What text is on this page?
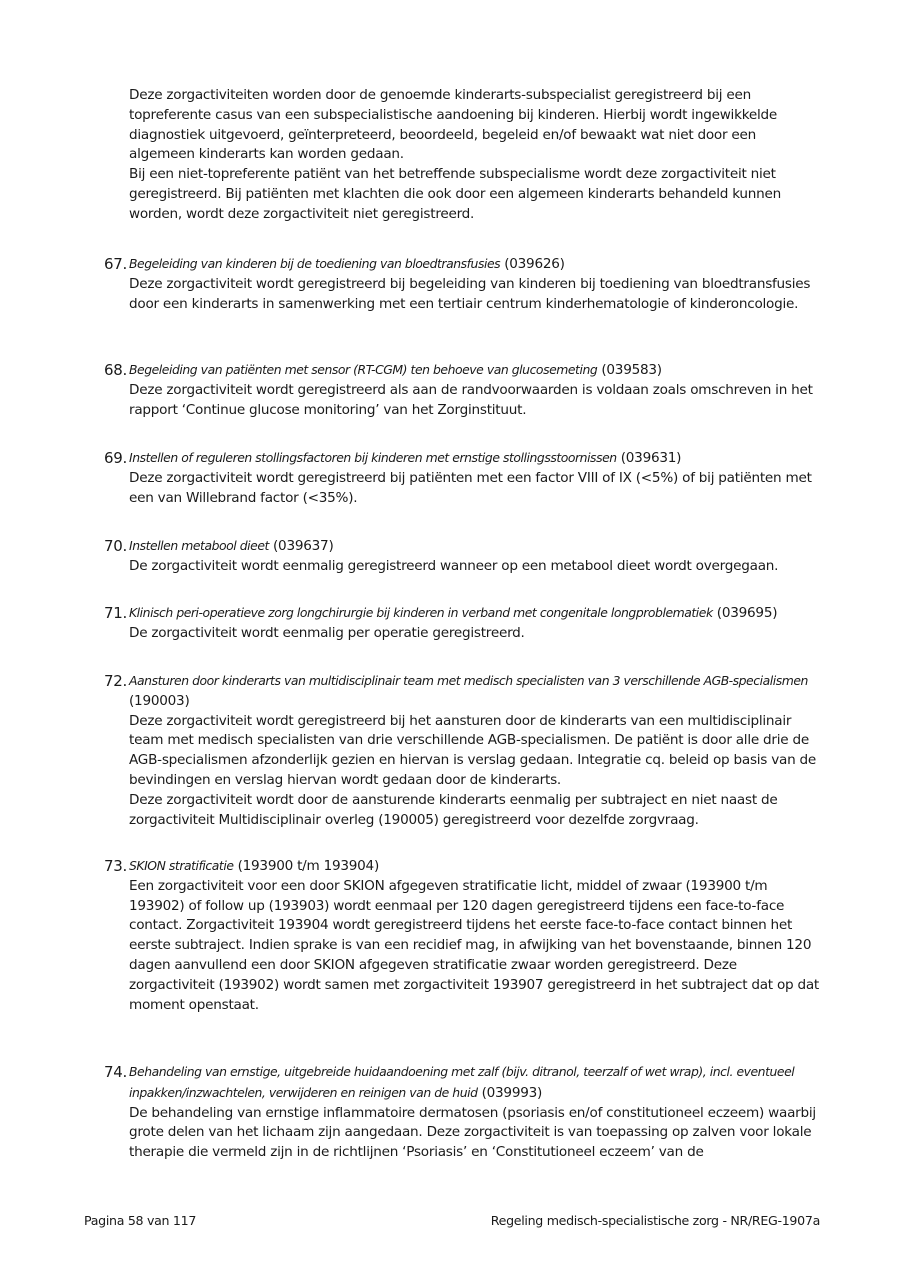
Deze zorgactiviteiten worden door de genoemde kinderarts-subspecialist geregistreerd bij een topreferente casus van een subspecialistische aandoening bij kinderen. Hierbij wordt ingewikkelde diagnostiek uitgevoerd, geïnterpreteerd, beoordeeld, begeleid en/of bewaakt wat niet door een algemeen kinderarts kan worden gedaan.

Bij een niet-topreferente patiënt van het betreffende subspecialisme wordt deze zorgactiviteit niet geregistreerd. Bij patiënten met klachten die ook door een algemeen kinderarts behandeld kunnen worden, wordt deze zorgactiviteit niet geregistreerd.

67. Begeleiding van kinderen bij de toediening van bloedtransfusies (039626)

Deze zorgactiviteit wordt geregistreerd bij begeleiding van kinderen bij toediening van bloedtransfusies door een kinderarts in samenwerking met een tertiair centrum kinderhematologie of kinderoncologie.

68. Begeleiding van patiënten met sensor (RT-CGM) ten behoeve van glucosemeting (039583)

Deze zorgactiviteit wordt geregistreerd als aan de randvoorwaarden is voldaan zoals omschreven in het rapport ‘Continue glucose monitoring’ van het Zorginstituut.

69. Instellen of reguleren stollingsfactoren bij kinderen met ernstige stollingsstoornissen (039631)

Deze zorgactiviteit wordt geregistreerd bij patiënten met een factor VIII of IX (<5%) of bij patiënten met een van Willebrand factor (<35%).

70. Instellen metabool dieet (039637)

De zorgactiviteit wordt eenmalig geregistreerd wanneer op een metabool dieet wordt overgegaan.

71. Klinisch peri-operatieve zorg longchirurgie bij kinderen in verband met congenitale longproblematiek (039695)

De zorgactiviteit wordt eenmalig per operatie geregistreerd.

72. Aansturen door kinderarts van multidisciplinair team met medisch specialisten van 3 verschillende AGB-specialismen (190003)

Deze zorgactiviteit wordt geregistreerd bij het aansturen door de kinderarts van een multidisciplinair team met medisch specialisten van drie verschillende AGB-specialismen. De patiënt is door alle drie de AGB-specialismen afzonderlijk gezien en hiervan is verslag gedaan. Integratie cq. beleid op basis van de bevindingen en verslag hiervan wordt gedaan door de kinderarts.

Deze zorgactiviteit wordt door de aansturende kinderarts eenmalig per subtraject en niet naast de zorgactiviteit Multidisciplinair overleg (190005) geregistreerd voor dezelfde zorgvraag.

73. SKION stratificatie (193900 t/m 193904)

Een zorgactiviteit voor een door SKION afgegeven stratificatie licht, middel of zwaar (193900 t/m 193902) of follow up (193903) wordt eenmaal per 120 dagen geregistreerd tijdens een face-to-face contact. Zorgactiviteit 193904 wordt geregistreerd tijdens het eerste face-to-face contact binnen het eerste subtraject. Indien sprake is van een recidief mag, in afwijking van het bovenstaande, binnen 120 dagen aanvullend een door SKION afgegeven stratificatie zwaar worden geregistreerd. Deze zorgactiviteit (193902) wordt samen met zorgactiviteit 193907 geregistreerd in het subtraject dat op dat moment openstaat.

74. Behandeling van ernstige, uitgebreide huidaandoening met zalf (bijv. ditranol, teerzalf of wet wrap), incl. eventueel inpakken/inzwachtelen, verwijderen en reinigen van de huid (039993)

De behandeling van ernstige inflammatoire dermatosen (psoriasis en/of constitutioneel eczeem) waarbij grote delen van het lichaam zijn aangedaan. Deze zorgactiviteit is van toepassing op zalven voor lokale therapie die vermeld zijn in de richtlijnen ‘Psoriasis’ en ‘Constitutioneel eczeem’ van de

Pagina 58 van 117	Regeling medisch-specialistische zorg - NR/REG-1907a
